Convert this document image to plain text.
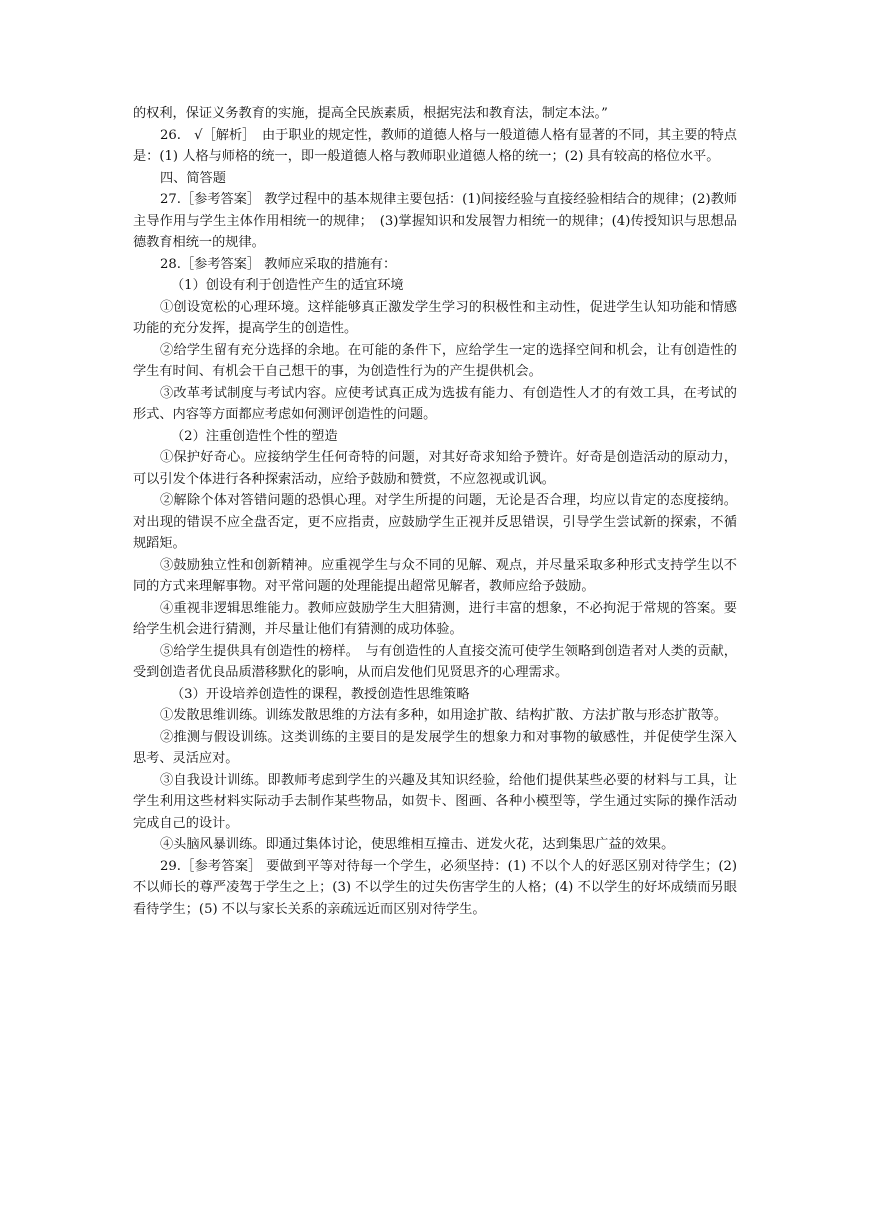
的权利，保证义务教育的实施，提高全民族素质，根据宪法和教育法，制定本法。”

26.　√［解析］　由于职业的规定性，教师的道德人格与一般道德人格有显著的不同，其主要的特点是：(1) 人格与师格的统一，即一般道德人格与教师职业道德人格的统一；(2) 具有较高的格位水平。

四、简答题

27.［参考答案］ 教学过程中的基本规律主要包括：(1)间接经验与直接经验相结合的规律；(2)教师主导作用与学生主体作用相统一的规律；　(3)掌握知识和发展智力相统一的规律；(4)传授知识与思想品德教育相统一的规律。

28.［参考答案］ 教师应采取的措施有：

（1）创设有利于创造性产生的适宜环境

①创设宽松的心理环境。这样能够真正激发学生学习的积极性和主动性，促进学生认知功能和情感功能的充分发挥，提高学生的创造性。

②给学生留有充分选择的余地。在可能的条件下，应给学生一定的选择空间和机会，让有创造性的学生有时间、有机会干自己想干的事，为创造性行为的产生提供机会。

③改革考试制度与考试内容。应使考试真正成为选拔有能力、有创造性人才的有效工具，在考试的形式、内容等方面都应考虑如何测评创造性的问题。

（2）注重创造性个性的塑造

①保护好奇心。应接纳学生任何奇特的问题，对其好奇求知给予赞许。好奇是创造活动的原动力，可以引发个体进行各种探索活动，应给予鼓励和赞赏，不应忽视或讥讽。

②解除个体对答错问题的恐惧心理。对学生所提的问题，无论是否合理，均应以肯定的态度接纳。对出现的错误不应全盘否定，更不应指责，应鼓励学生正视并反思错误，引导学生尝试新的探索，不循规蹈矩。

③鼓励独立性和创新精神。应重视学生与众不同的见解、观点，并尽量采取多种形式支持学生以不同的方式来理解事物。对平常问题的处理能提出超常见解者，教师应给予鼓励。

④重视非逻辑思维能力。教师应鼓励学生大胆猜测，进行丰富的想象，不必拘泥于常规的答案。要给学生机会进行猜测，并尽量让他们有猜测的成功体验。

⑤给学生提供具有创造性的榜样。　与有创造性的人直接交流可使学生领略到创造者对人类的贡献，受到创造者优良品质潜移默化的影响，从而启发他们见贤思齐的心理需求。

（3）开设培养创造性的课程，教授创造性思维策略

①发散思维训练。训练发散思维的方法有多种，如用途扩散、结构扩散、方法扩散与形态扩散等。

②推测与假设训练。这类训练的主要目的是发展学生的想象力和对事物的敏感性，并促使学生深入思考、灵活应对。

③自我设计训练。即教师考虑到学生的兴趣及其知识经验，给他们提供某些必要的材料与工具，让学生利用这些材料实际动手去制作某些物品，如贺卡、图画、各种小模型等，学生通过实际的操作活动完成自己的设计。

④头脑风暴训练。即通过集体讨论，使思维相互撞击、迸发火花，达到集思广益的效果。

29.［参考答案］ 要做到平等对待每一个学生，必须坚持：(1) 不以个人的好恶区别对待学生；(2) 不以师长的尊严凌驾于学生之上；(3) 不以学生的过失伤害学生的人格；(4) 不以学生的好坏成绩而另眼看待学生；(5) 不以与家长关系的亲疏远近而区别对待学生。
